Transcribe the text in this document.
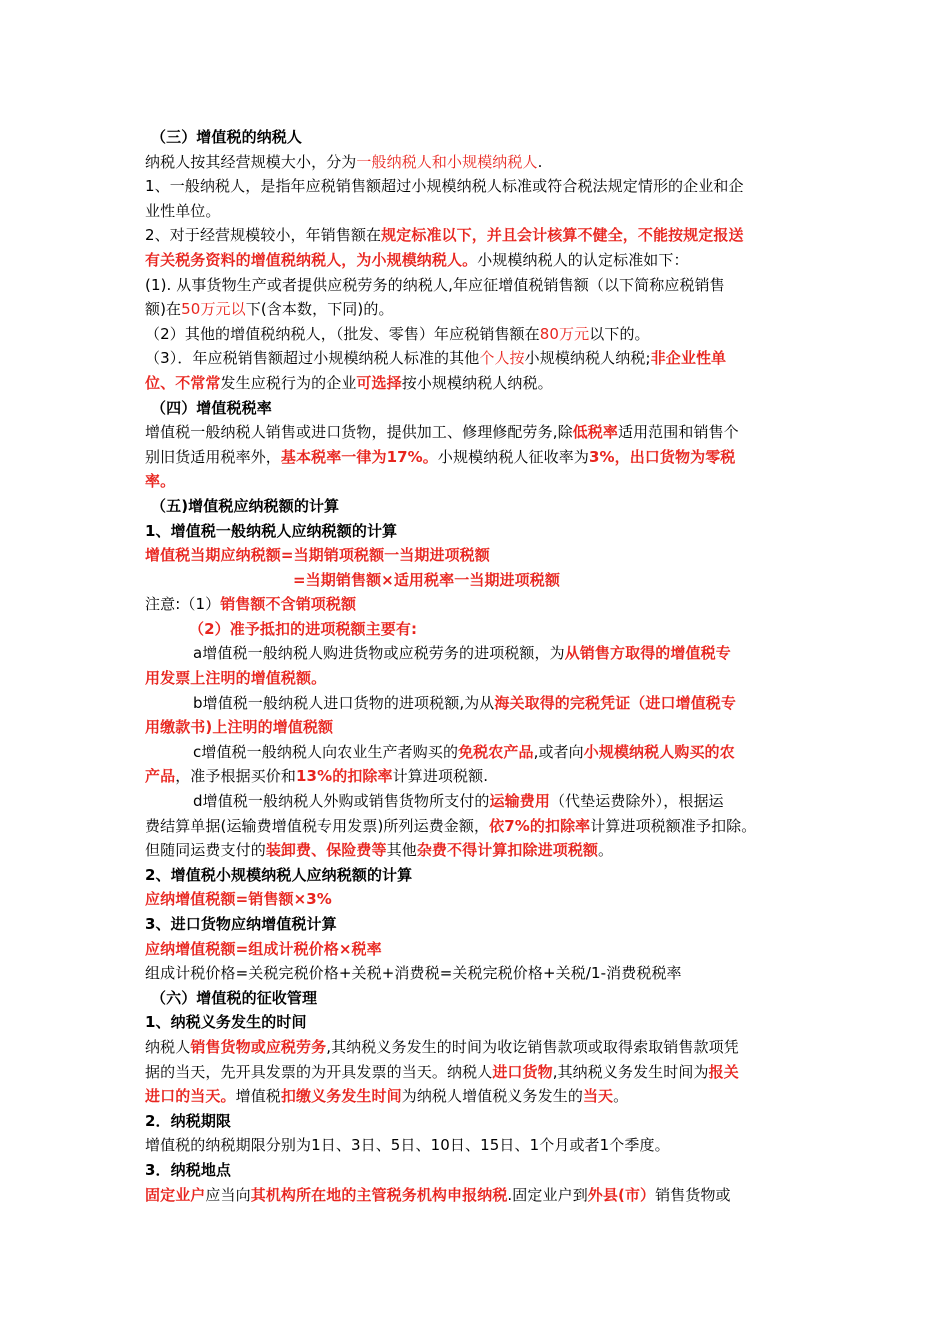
（三）增值税的纳税人
纳税人按其经营规模大小，分为一般纳税人和小规模纳税人.
1、一般纳税人，是指年应税销售额超过小规模纳税人标准或符合税法规定情形的企业和企
业性单位。
2、对于经营规模较小，年销售额在规定标准以下，并且会计核算不健全，不能按规定报送
有关税务资料的增值税纳税人，为小规模纳税人。小规模纳税人的认定标准如下：
(1). 从事货物生产或者提供应税劳务的纳税人,年应征增值税销售额（以下简称应税销售
额)在50万元以下(含本数，下同)的。
（2）其他的增值税纳税人，（批发、零售）年应税销售额在80万元以下的。
（3）．年应税销售额超过小规模纳税人标准的其他个人按小规模纳税人纳税;非企业性单
位、不常常发生应税行为的企业可选择按小规模纳税人纳税。
（四）增值税税率
增值税一般纳税人销售或进口货物，提供加工、修理修配劳务,除低税率适用范围和销售个
别旧货适用税率外，基本税率一律为17%。小规模纳税人征收率为3%，出口货物为零税
率。
（五)增值税应纳税额的计算
1、增值税一般纳税人应纳税额的计算
增值税当期应纳税额=当期销项税额一当期进项税额
=当期销售额×适用税率一当期进项税额
注意:（1）销售额不含销项税额
（2）准予抵扣的进项税额主要有:
a增值税一般纳税人购进货物或应税劳务的进项税额，为从销售方取得的增值税专
用发票上注明的增值税额。
b增值税一般纳税人进口货物的进项税额,为从海关取得的完税凭证（进口增值税专
用缴款书)上注明的增值税额
c增值税一般纳税人向农业生产者购买的免税农产品,或者向小规模纳税人购买的农
产品，准予根据买价和13%的扣除率计算进项税额.
d增值税一般纳税人外购或销售货物所支付的运输费用（代垫运费除外），根据运
费结算单据(运输费增值税专用发票)所列运费金额，依7%的扣除率计算进项税额准予扣除。
但随同运费支付的装卸费、保险费等其他杂费不得计算扣除进项税额。
2、增值税小规模纳税人应纳税额的计算
应纳增值税额=销售额×3%
3、进口货物应纳增值税计算
应纳增值税额=组成计税价格×税率
组成计税价格=关税完税价格+关税+消费税=关税完税价格+关税/1-消费税税率
（六）增值税的征收管理
1、纳税义务发生的时间
纳税人销售货物或应税劳务,其纳税义务发生的时间为收讫销售款项或取得索取销售款项凭
据的当天，先开具发票的为开具发票的当天。纳税人进口货物,其纳税义务发生时间为报关
进口的当天。增值税扣缴义务发生时间为纳税人增值税义务发生的当天。
2．纳税期限
增值税的纳税期限分别为1日、3日、5日、10日、15日、1个月或者1个季度。
3．纳税地点
固定业户应当向其机构所在地的主管税务机构申报纳税.固定业户到外县(市）销售货物或
